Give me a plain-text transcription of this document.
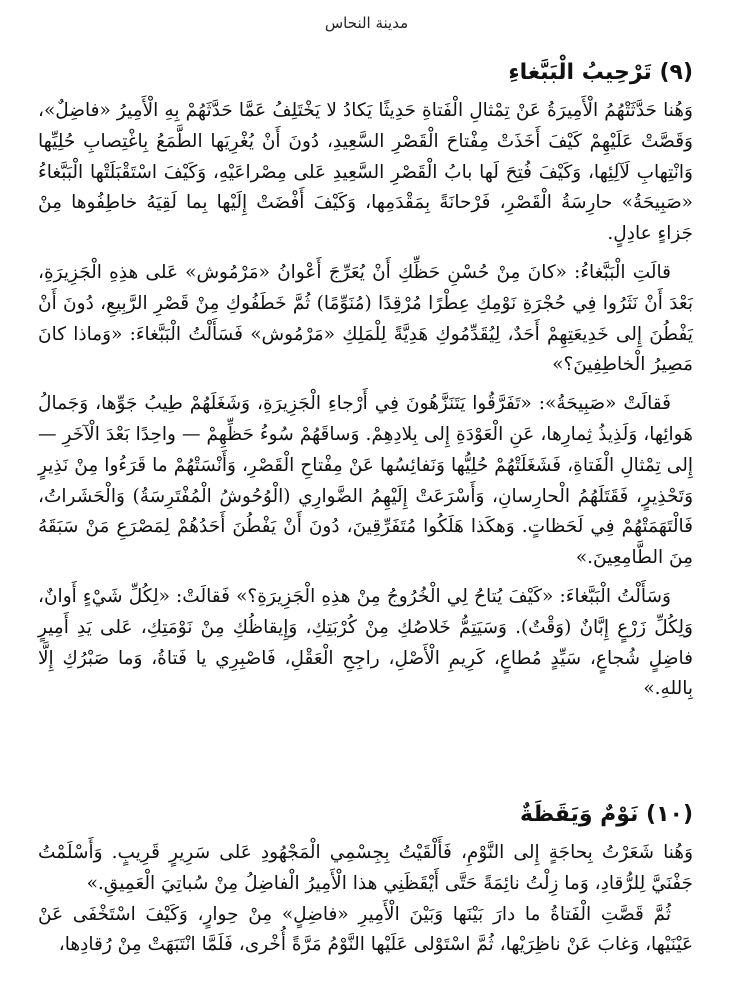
مدينة النحاس
(٩) تَرْحِيبُ الْبَبَّغاءِ

وَهُنا حَدَّثَتْهُمُ الْأَمِيرَةُ عَنْ تِمْثالِ الْفَتاةِ حَدِيثًا يَكادُ لا يَخْتَلِفُ عَمَّا حَدَّثَهُمْ بِهِ الْأَمِيرُ «فاضِلٌ»، وَقَصَّتْ عَلَيْهِمْ كَيْفَ أَخَذَتْ مِفْتاحَ الْقَصْرِ السَّعِيدِ، دُونَ أَنْ يُغْرِيَها الطَّمَعُ بِاغْتِصابِ حُلِيِّها وَانْتِهابِ لَآلِئِها، وَكَيْفَ فُتِحَ لَها بابُ الْقَصْرِ السَّعِيدِ عَلى مِصْراعَيْهِ، وَكَيْفَ اسْتَقْبَلَتْها الْبَبَّغاءُ «صَبِيحَةُ» حارِسَةُ الْقَصْرِ، فَرْحانَةً بِمَقْدَمِها، وَكَيْفَ أَفْضَتْ إِلَيْها بِما لَقِيَهُ خاطِفُوها مِنْ جَزاءٍ عادِلٍ.

قالَتِ الْبَبَّغاءُ: «كانَ مِنْ حُسْنِ حَظِّكِ أَنْ يُعَرِّجَ أَعْوانُ «مَرْمُوش» عَلى هذِهِ الْجَزِيرَةِ، بَعْدَ أَنْ نَثَرُوا فِي حُجْرَةِ نَوْمِكِ عِطْرًا مُرْقِدًا (مُنَوِّمًا) ثُمَّ خَطَفُوكِ مِنْ قَصْرِ الرَّبِيعِ، دُونَ أَنْ يَفْطُنَ إِلى خَدِيعَتِهِمْ أَحَدٌ، لِيُقَدِّمُوكِ هَدِيَّةً لِلْمَلِكِ «مَرْمُوش» فَسَأَلْتُ الْبَبَّغاءَ: «وَماذا كانَ مَصِيرُ الْخاطِفِينَ؟»

فَقالَتْ «صَبِيحَةُ»: «تَفَرَّقُوا يَتَنَزَّهُونَ فِي أَرْجاءِ الْجَزِيرَةِ، وَشَغَلَهُمْ طِيبُ جَوِّها، وَجَمالُ هَوائِها، وَلَذِيذُ ثِمارِها، عَنِ الْعَوْدَةِ إِلى بِلادِهِمْ. وَساقَهُمْ سُوءُ حَظِّهِمْ — واحِدًا بَعْدَ الْآخَرِ — إِلى تِمْثالِ الْفَتاةِ، فَشَغَلَتْهُمْ حُلِيُّها وَنَفائِسُها عَنْ مِفْتاحِ الْقَصْرِ، وَأَنْسَتْهُمْ ما قَرَءُوا مِنْ نَذِيرٍ وَتَحْذِيرٍ، فَقَتَلَهُمُ الْحارِسانِ، وَأَسْرَعَتْ إِلَيْهِمُ الضَّوارِي (الْوُحُوشُ الْمُفْتَرِسَةُ) وَالْحَشَراتُ، فَالْتَهَمَتْهُمْ فِي لَحَظاتٍ. وَهكَذا هَلَكُوا مُتَفَرِّقِينَ، دُونَ أَنْ يَفْطُنَ أَحَدُهُمْ لِمَصْرَعِ مَنْ سَبَقَهُ مِنَ الطَّامِعِينَ.»

وَسَأَلْتُ الْبَبَّغاءَ: «كَيْفَ يُتاحُ لِي الْخُرُوجُ مِنْ هذِهِ الْجَزِيرَةِ؟» فَقالَتْ: «لِكُلِّ شَيْءٍ أَوانٌ، وَلِكُلِّ زَرْعٍ إِبَّانٌ (وَقْتٌ). وَسَيَتِمُّ خَلاصُكِ مِنْ كُرْبَتِكِ، وَإِيقاظُكِ مِنْ نَوْمَتِكِ، عَلى يَدِ أَمِيرٍ فاضِلٍ شُجاعٍ، سَيِّدٍ مُطاعٍ، كَرِيمِ الْأَصْلِ، راجِحِ الْعَقْلِ، فَاصْبِرِي يا فَتاةُ، وَما صَبْرُكِ إِلَّا بِاللهِ.»

(١٠) نَوْمٌ وَيَقَظَةٌ

وَهُنا شَعَرْتُ بِحاجَةٍ إِلى النَّوْمِ، فَأَلْقَيْتُ بِجِسْمِي الْمَجْهُودِ عَلى سَرِيرٍ قَرِيبٍ. وَأَسْلَمْتُ جَفْنَيَّ لِلرُّقادِ، وَما زِلْتُ نائِمَةً حَتَّى أَيْقَظَنِي هذا الْأَمِيرُ الْفاضِلُ مِنْ سُباتِيَ الْعَمِيقِ.»

ثُمَّ قَصَّتِ الْفَتاةُ ما دارَ بَيْنَها وَبَيْنَ الْأَمِيرِ «فاضِلٍ» مِنْ حِوارٍ، وَكَيْفَ اسْتَخْفَى عَنْ عَيْنَيْها، وَغابَ عَنْ ناظِرَيْها، ثُمَّ اسْتَوْلى عَلَيْها النَّوْمُ مَرَّةً أُخْرى، فَلَمَّا انْتَبَهَتْ مِنْ رُقادِها،
